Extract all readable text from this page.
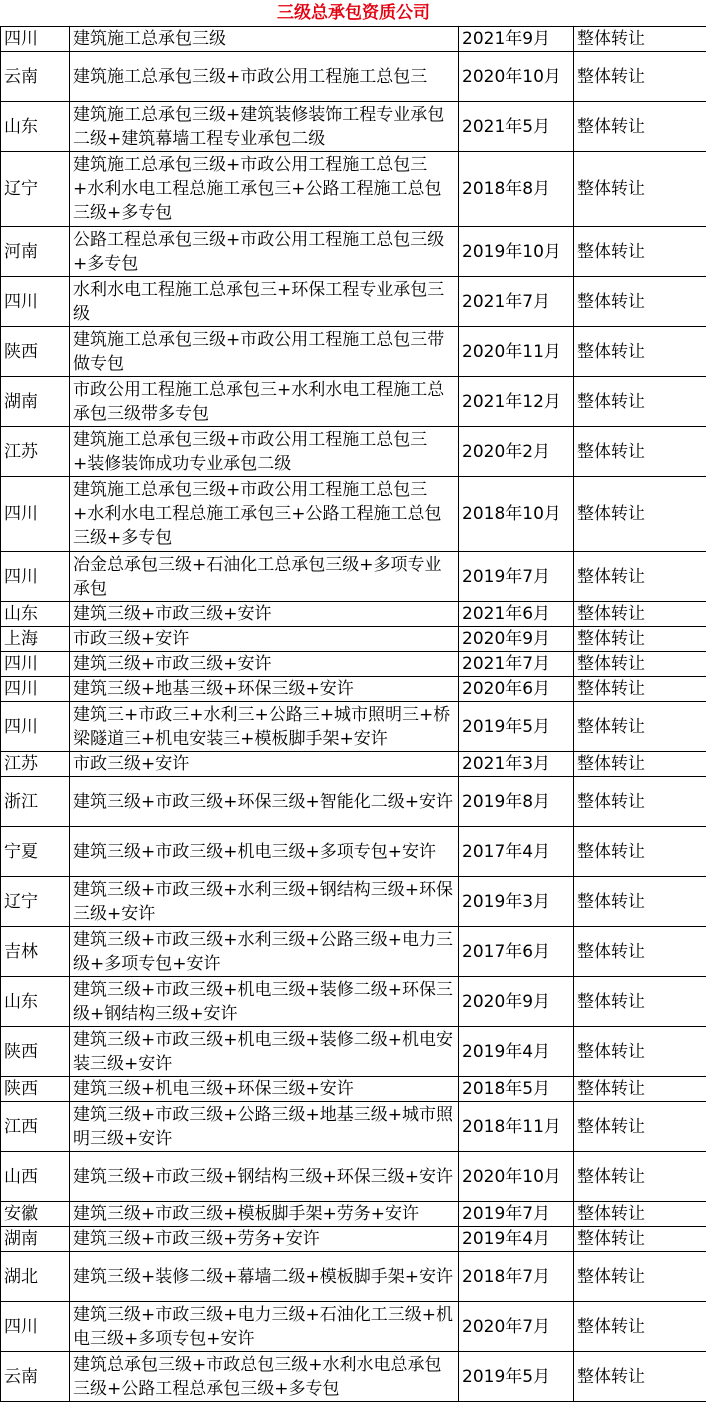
三级总承包资质公司			
四川	建筑施工总承包三级	2021年9月	整体转让
云南	建筑施工总承包三级+市政公用工程施工总包三	2020年10月	整体转让
山东	建筑施工总承包三级+建筑装修装饰工程专业承包二级+建筑幕墙工程专业承包二级	2021年5月	整体转让
辽宁	建筑施工总承包三级+市政公用工程施工总包三+水利水电工程总施工承包三+公路工程施工总包三级+多专包	2018年8月	整体转让
河南	公路工程总承包三级+市政公用工程施工总包三级+多专包	2019年10月	整体转让
四川	水利水电工程施工总承包三+环保工程专业承包三级	2021年7月	整体转让
陕西	建筑施工总承包三级+市政公用工程施工总包三带做专包	2020年11月	整体转让
湖南	市政公用工程施工总承包三+水利水电工程施工总承包三级带多专包	2021年12月	整体转让
江苏	建筑施工总承包三级+市政公用工程施工总包三+装修装饰成功专业承包二级	2020年2月	整体转让
四川	建筑施工总承包三级+市政公用工程施工总包三+水利水电工程总施工承包三+公路工程施工总包三级+多专包	2018年10月	整体转让
四川	冶金总承包三级+石油化工总承包三级+多项专业承包	2019年7月	整体转让
山东	建筑三级+市政三级+安许	2021年6月	整体转让
上海	市政三级+安许	2020年9月	整体转让
四川	建筑三级+市政三级+安许	2021年7月	整体转让
四川	建筑三级+地基三级+环保三级+安许	2020年6月	整体转让
四川	建筑三+市政三+水利三+公路三+城市照明三+桥梁隧道三+机电安装三+模板脚手架+安许	2019年5月	整体转让
江苏	市政三级+安许	2021年3月	整体转让
浙江	建筑三级+市政三级+环保三级+智能化二级+安许	2019年8月	整体转让
宁夏	建筑三级+市政三级+机电三级+多项专包+安许	2017年4月	整体转让
辽宁	建筑三级+市政三级+水利三级+钢结构三级+环保三级+安许	2019年3月	整体转让
吉林	建筑三级+市政三级+水利三级+公路三级+电力三级+多项专包+安许	2017年6月	整体转让
山东	建筑三级+市政三级+机电三级+装修二级+环保三级+钢结构三级+安许	2020年9月	整体转让
陕西	建筑三级+市政三级+机电三级+装修二级+机电安装三级+安许	2019年4月	整体转让
陕西	建筑三级+机电三级+环保三级+安许	2018年5月	整体转让
江西	建筑三级+市政三级+公路三级+地基三级+城市照明三级+安许	2018年11月	整体转让
山西	建筑三级+市政三级+钢结构三级+环保三级+安许	2020年10月	整体转让
安徽	建筑三级+市政三级+模板脚手架+劳务+安许	2019年7月	整体转让
湖南	建筑三级+市政三级+劳务+安许	2019年4月	整体转让
湖北	建筑三级+装修二级+幕墙二级+模板脚手架+安许	2018年7月	整体转让
四川	建筑三级+市政三级+电力三级+石油化工三级+机电三级+多项专包+安许	2020年7月	整体转让
云南	建筑总承包三级+市政总包三级+水利水电总承包三级+公路工程总承包三级+多专包	2019年5月	整体转让
